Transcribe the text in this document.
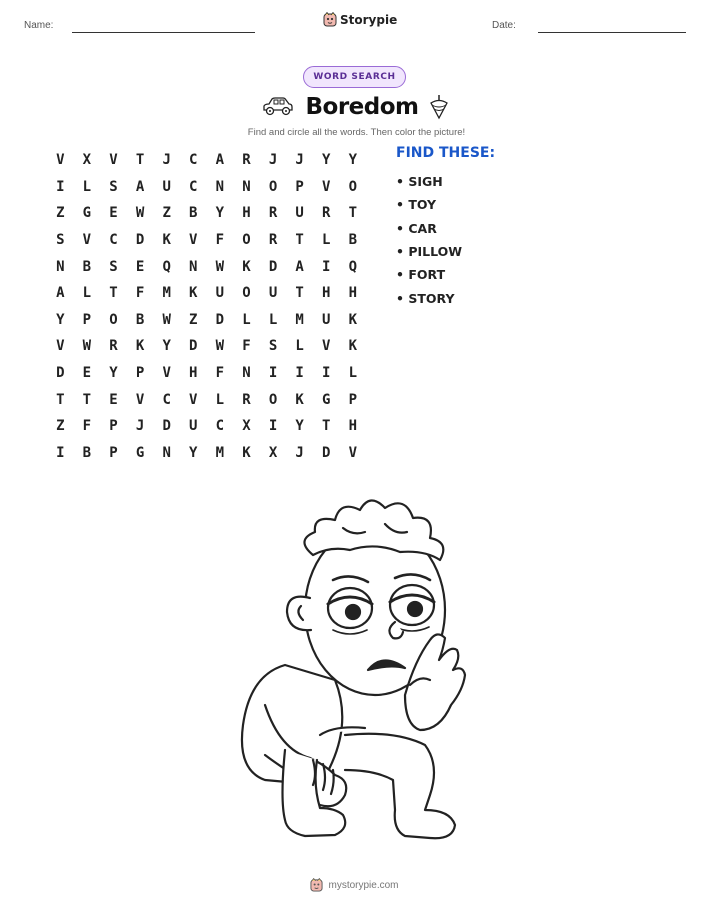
Name:	Storypie	Date:
WORD SEARCH
Boredom
Find and circle all the words. Then color the picture!
V	X	V	T	J	C	A	R	J	J	Y	Y
I	L	S	A	U	C	N	N	O	P	V	O
Z	G	E	W	Z	B	Y	H	R	U	R	T
S	V	C	D	K	V	F	O	R	T	L	B
N	B	S	E	Q	N	W	K	D	A	I	Q
A	L	T	F	M	K	U	O	U	T	H	H
Y	P	O	B	W	Z	D	L	L	M	U	K
V	W	R	K	Y	D	W	F	S	L	V	K
D	E	Y	P	V	H	F	N	I	I	I	L
T	T	E	V	C	V	L	R	O	K	G	P
Z	F	P	J	D	U	C	X	I	Y	T	H
I	B	P	G	N	Y	M	K	X	J	D	V
FIND THESE:
• SIGH
• TOY
• CAR
• PILLOW
• FORT
• STORY
mystorypie.com
